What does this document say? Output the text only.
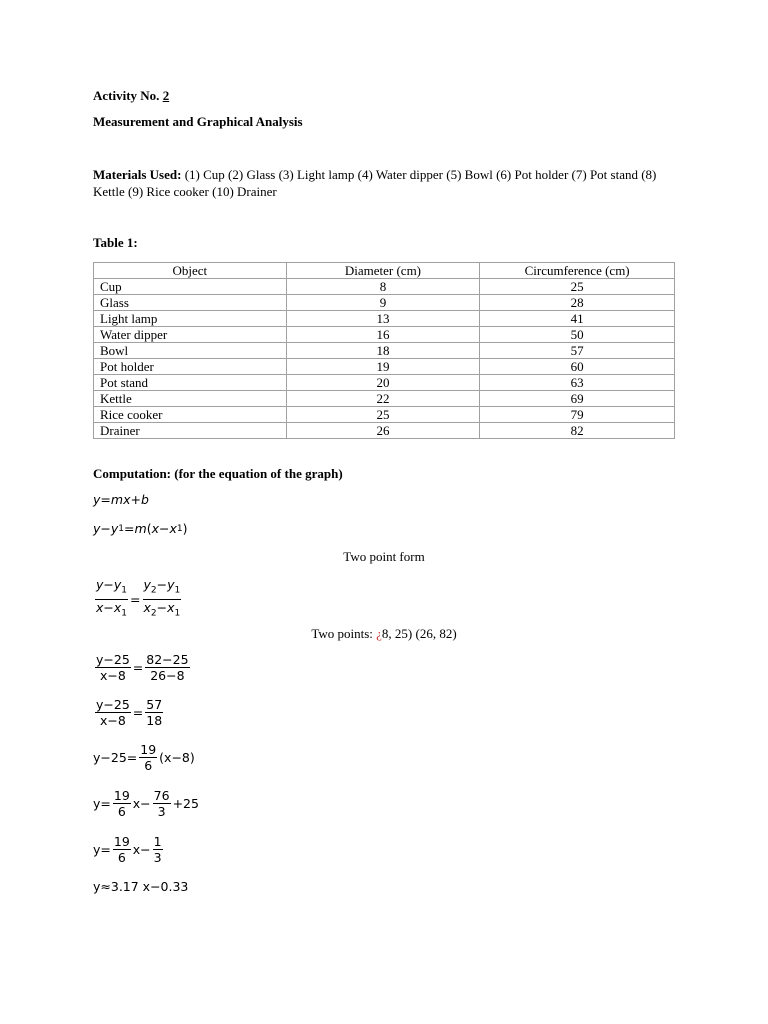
Activity No. 2
Measurement and Graphical Analysis
Materials Used: (1) Cup (2) Glass (3) Light lamp (4) Water dipper (5) Bowl (6) Pot holder (7) Pot stand (8) Kettle (9) Rice cooker (10) Drainer
Table 1:
Object	Diameter (cm)	Circumference (cm)
Cup	8	25
Glass	9	28
Light lamp	13	41
Water dipper	16	50
Bowl	18	57
Pot holder	19	60
Pot stand	20	63
Kettle	22	69
Rice cooker	25	79
Drainer	26	82
Computation: (for the equation of the graph)
y = mx + b
y − y 1 = m ( x − x 1 )
Two point form
$\frac{y-y_1}{x-x_1} = \frac{y_2-y_1}{x_2-x_1}$
Two points: ¿8, 25) (26, 82)
$\frac{y-25}{x-8} = \frac{82-25}{26-8}$
$\frac{y-25}{x-8} = \frac{57}{18}$
$y-25= \frac{19}{6} (x-8)$
$y= \frac{19}{6} x- \frac{76}{3} +25$
$y= \frac{19}{6} x- \frac{1}{3}$
y≈3.17 x−0.33
